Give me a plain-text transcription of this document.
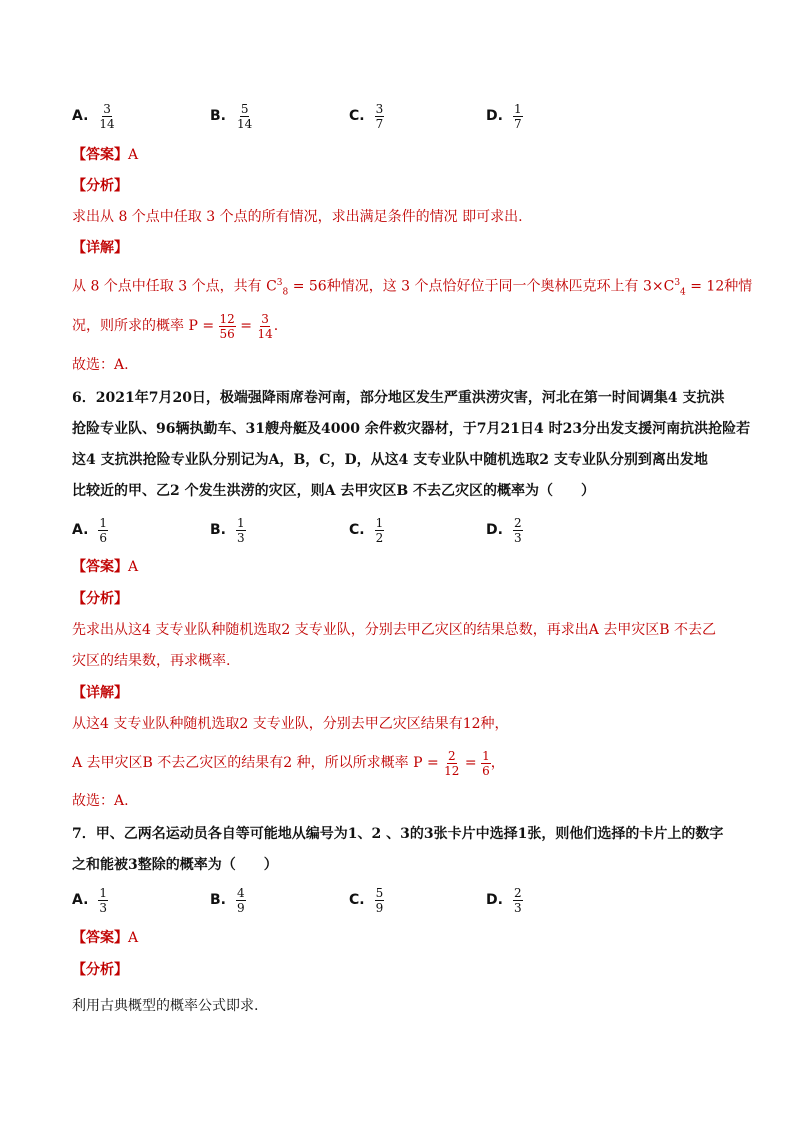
A. $\frac{3}{14}$	B. $\frac{5}{14}$	C. $\frac{3}{7}$	D. $\frac{1}{7}$
【答案】A
【分析】
求出从 8 个点中任取 3 个点的所有情况，求出满足条件的情况 即可求出.
【详解】
从 8 个点中任取 3 个点，共有 $C^3_8 = 56$种情况，这 3 个点恰好位于同一个奥林匹克环上有 $3\times C^3_4 = 12$种情
况，则所求的概率 $P = \frac{12}{56} = \frac{3}{14}$ .
故选：A.
6．2021年7月20日，极端强降雨席卷河南，部分地区发生严重洪涝灾害，河北在第一时间调集4 支抗洪
抢险专业队、96辆执勤车、31艘舟艇及4000 余件救灾器材，于7月21日4 时23分出发支援河南抗洪抢险若
这4 支抗洪抢险专业队分别记为A，B，C，D，从这4 支专业队中随机选取2 支专业队分别到离出发地
比较近的甲、乙2 个发生洪涝的灾区，则A 去甲灾区B 不去乙灾区的概率为（　　）
A. $\frac{1}{6}$	B. $\frac{1}{3}$	C. $\frac{1}{2}$	D. $\frac{2}{3}$
【答案】A
【分析】
先求出从这4 支专业队种随机选取2 支专业队，分别去甲乙灾区的结果总数，再求出A 去甲灾区B 不去乙
灾区的结果数，再求概率.
【详解】
从这4 支专业队种随机选取2 支专业队，分别去甲乙灾区结果有12种，
A 去甲灾区B 不去乙灾区的结果有2 种，所以所求概率 $P = \frac{2}{12} = \frac{1}{6}$ ，
故选：A.
7．甲、乙两名运动员各自等可能地从编号为1、2 、3的3张卡片中选择1张，则他们选择的卡片上的数字
之和能被3整除的概率为（　　）
A. $\frac{1}{3}$	B. $\frac{4}{9}$	C. $\frac{5}{9}$	D. $\frac{2}{3}$
【答案】A
【分析】
利用古典概型的概率公式即求.
